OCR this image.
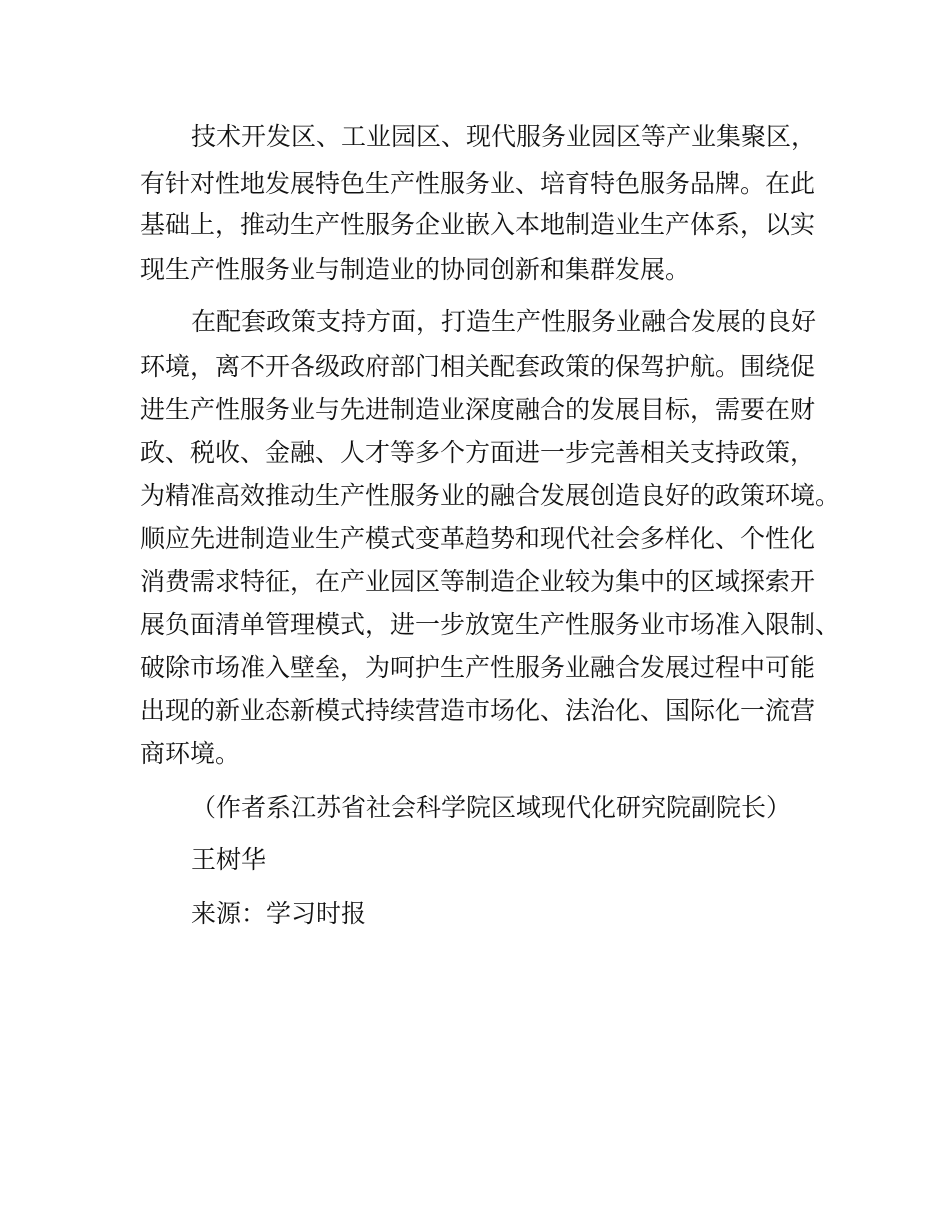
技术开发区、工业园区、现代服务业园区等产业集聚区，
有针对性地发展特色生产性服务业、培育特色服务品牌。在此
基础上，推动生产性服务企业嵌入本地制造业生产体系，以实
现生产性服务业与制造业的协同创新和集群发展。
在配套政策支持方面，打造生产性服务业融合发展的良好
环境，离不开各级政府部门相关配套政策的保驾护航。围绕促
进生产性服务业与先进制造业深度融合的发展目标，需要在财
政、税收、金融、人才等多个方面进一步完善相关支持政策，
为精准高效推动生产性服务业的融合发展创造良好的政策环境。
顺应先进制造业生产模式变革趋势和现代社会多样化、个性化
消费需求特征，在产业园区等制造企业较为集中的区域探索开
展负面清单管理模式，进一步放宽生产性服务业市场准入限制、
破除市场准入壁垒，为呵护生产性服务业融合发展过程中可能
出现的新业态新模式持续营造市场化、法治化、国际化一流营
商环境。
（作者系江苏省社会科学院区域现代化研究院副院长）
王树华
来源：学习时报
